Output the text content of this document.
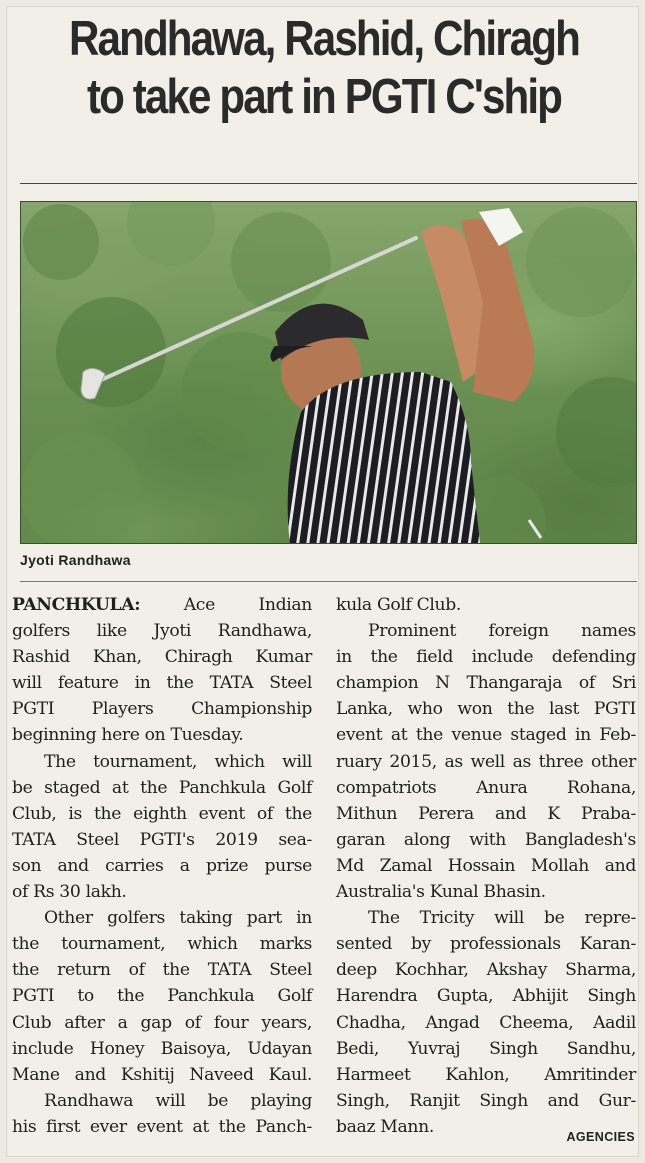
Randhawa, Rashid, Chiragh
to take part in PGTI C'ship
Jyoti Randhawa
PANCHKULA: Ace Indian
golfers like Jyoti Randhawa,
Rashid Khan, Chiragh Kumar
will feature in the TATA Steel
PGTI Players Championship
beginning here on Tuesday.
The tournament, which will
be staged at the Panchkula Golf
Club, is the eighth event of the
TATA Steel PGTI's 2019 sea-
son and carries a prize purse
of Rs 30 lakh.
Other golfers taking part in
the tournament, which marks
the return of the TATA Steel
PGTI to the Panchkula Golf
Club after a gap of four years,
include Honey Baisoya, Udayan
Mane and Kshitij Naveed Kaul.
Randhawa will be playing
his first ever event at the Panch-
kula Golf Club.
Prominent foreign names
in the field include defending
champion N Thangaraja of Sri
Lanka, who won the last PGTI
event at the venue staged in Feb-
ruary 2015, as well as three other
compatriots Anura Rohana,
Mithun Perera and K Praba-
garan along with Bangladesh's
Md Zamal Hossain Mollah and
Australia's Kunal Bhasin.
The Tricity will be repre-
sented by professionals Karan-
deep Kochhar, Akshay Sharma,
Harendra Gupta, Abhijit Singh
Chadha, Angad Cheema, Aadil
Bedi, Yuvraj Singh Sandhu,
Harmeet Kahlon, Amritinder
Singh, Ranjit Singh and Gur-
baaz Mann.
AGENCIES
